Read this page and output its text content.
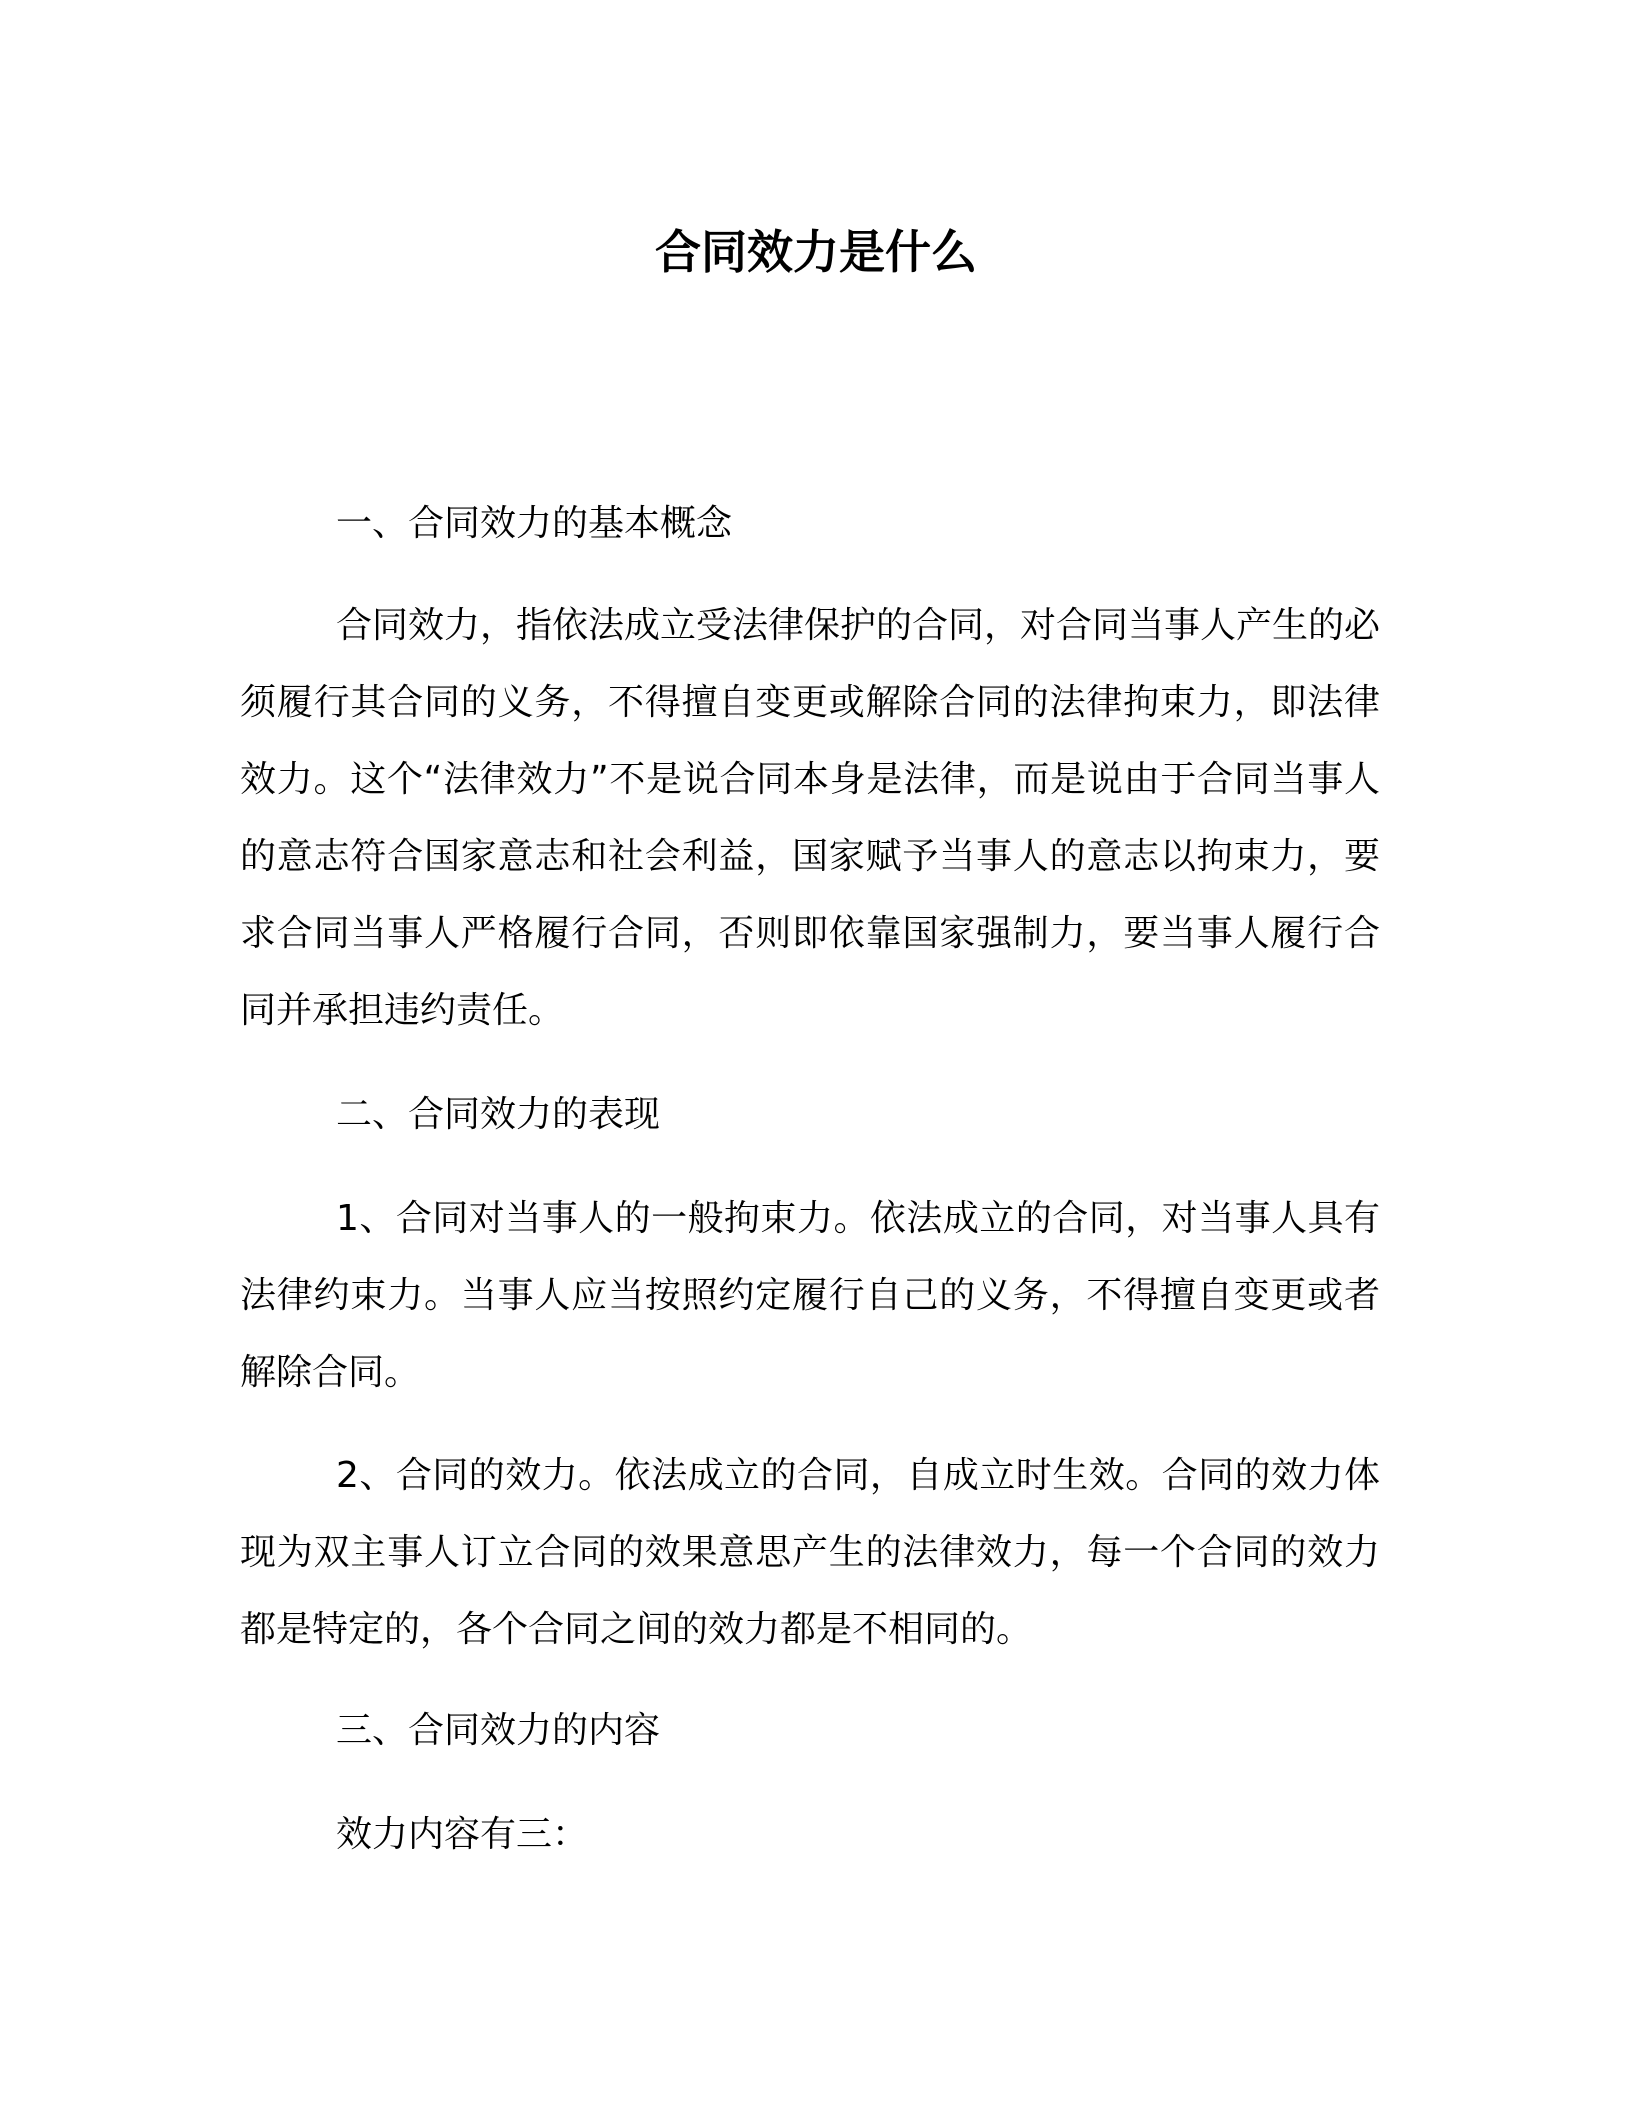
合同效力是什么
一、合同效力的基本概念
合同效力，指依法成立受法律保护的合同，对合同当事人产生的必须履行其合同的义务，不得擅自变更或解除合同的法律拘束力，即法律效力。这个“法律效力”不是说合同本身是法律，而是说由于合同当事人的意志符合国家意志和社会利益，国家赋予当事人的意志以拘束力，要求合同当事人严格履行合同，否则即依靠国家强制力，要当事人履行合同并承担违约责任。
二、合同效力的表现
1、合同对当事人的一般拘束力。依法成立的合同，对当事人具有法律约束力。当事人应当按照约定履行自己的义务，不得擅自变更或者解除合同。
2、合同的效力。依法成立的合同，自成立时生效。合同的效力体现为双主事人订立合同的效果意思产生的法律效力，每一个合同的效力都是特定的，各个合同之间的效力都是不相同的。
三、合同效力的内容
效力内容有三：
